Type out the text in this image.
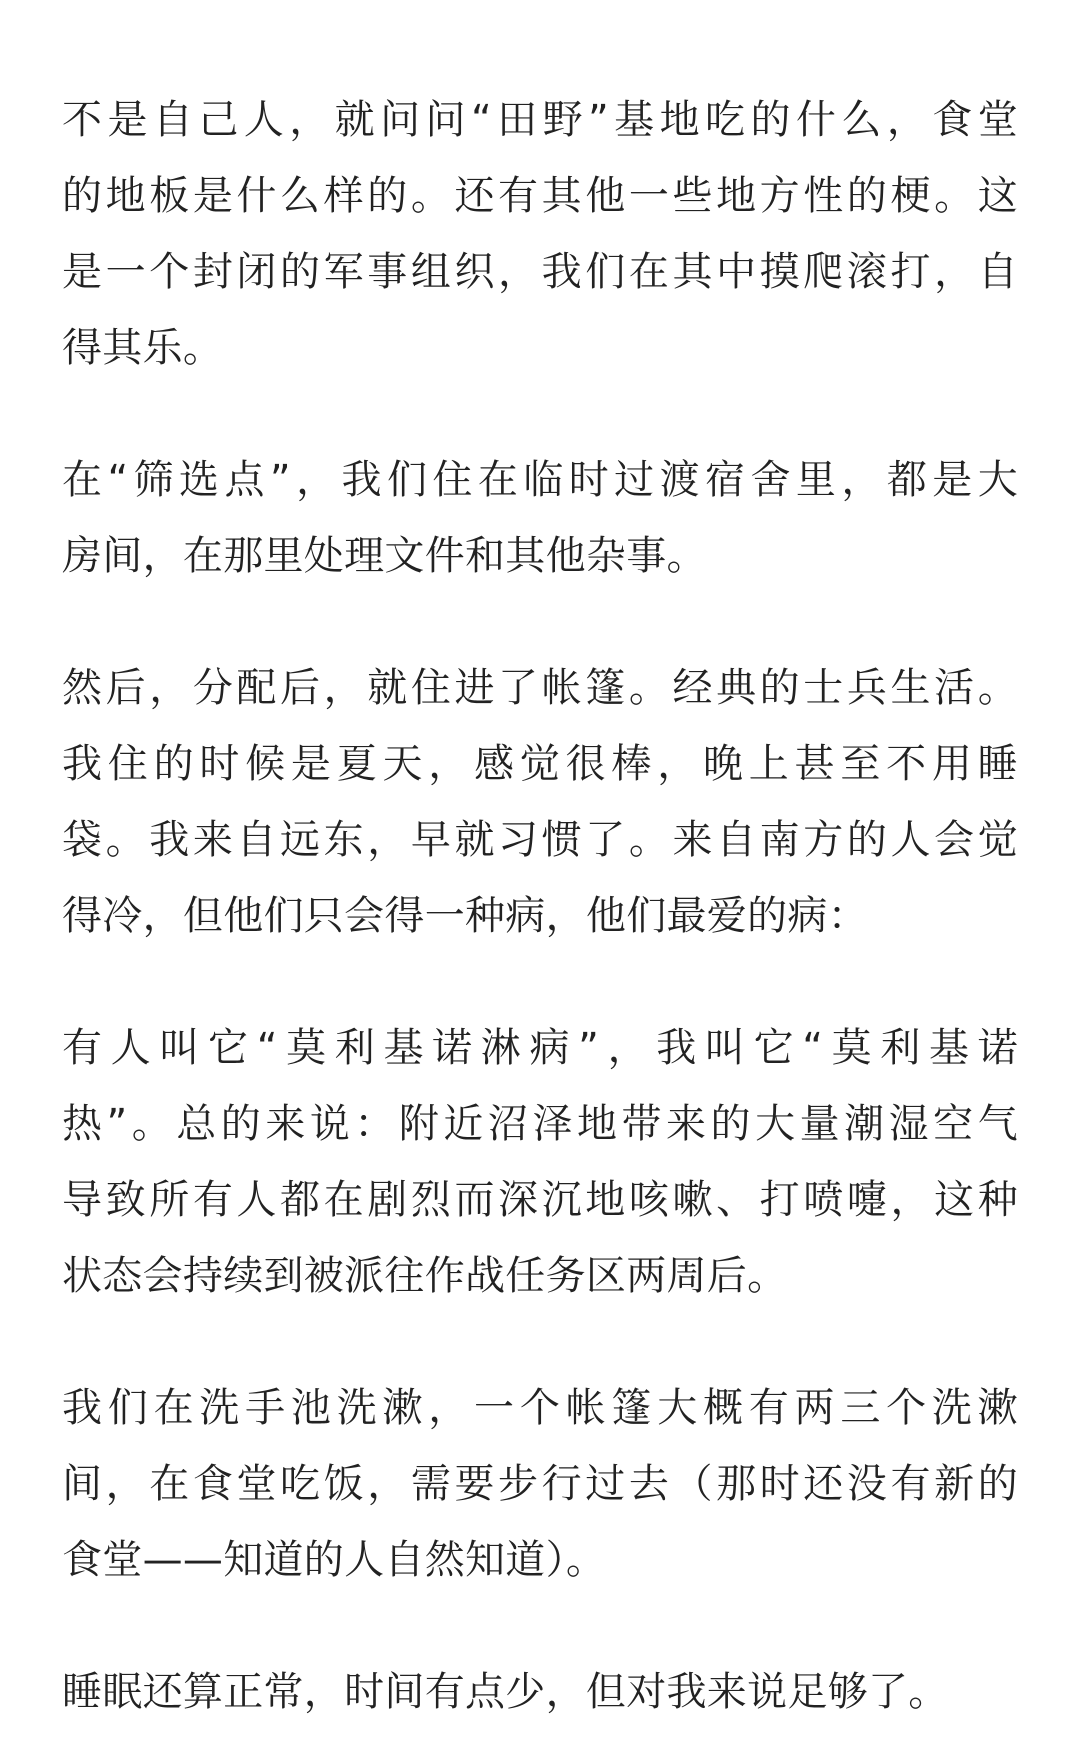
不是自己人，就问问“田野”基地吃的什么，食堂
的地板是什么样的。还有其他一些地方性的梗。这
是一个封闭的军事组织，我们在其中摸爬滚打，自
得其乐。
在“筛选点”，我们住在临时过渡宿舍里，都是大
房间，在那里处理文件和其他杂事。
然后，分配后，就住进了帐篷。经典的士兵生活。
我住的时候是夏天，感觉很棒，晚上甚至不用睡
袋。我来自远东，早就习惯了。来自南方的人会觉
得冷，但他们只会得一种病，他们最爱的病：
有人叫它“莫利基诺淋病”，我叫它“莫利基诺
热”。总的来说：附近沼泽地带来的大量潮湿空气
导致所有人都在剧烈而深沉地咳嗽、打喷嚏，这种
状态会持续到被派往作战任务区两周后。
我们在洗手池洗漱，一个帐篷大概有两三个洗漱
间，在食堂吃饭，需要步行过去（那时还没有新的
食堂——知道的人自然知道）。
睡眠还算正常，时间有点少，但对我来说足够了。
